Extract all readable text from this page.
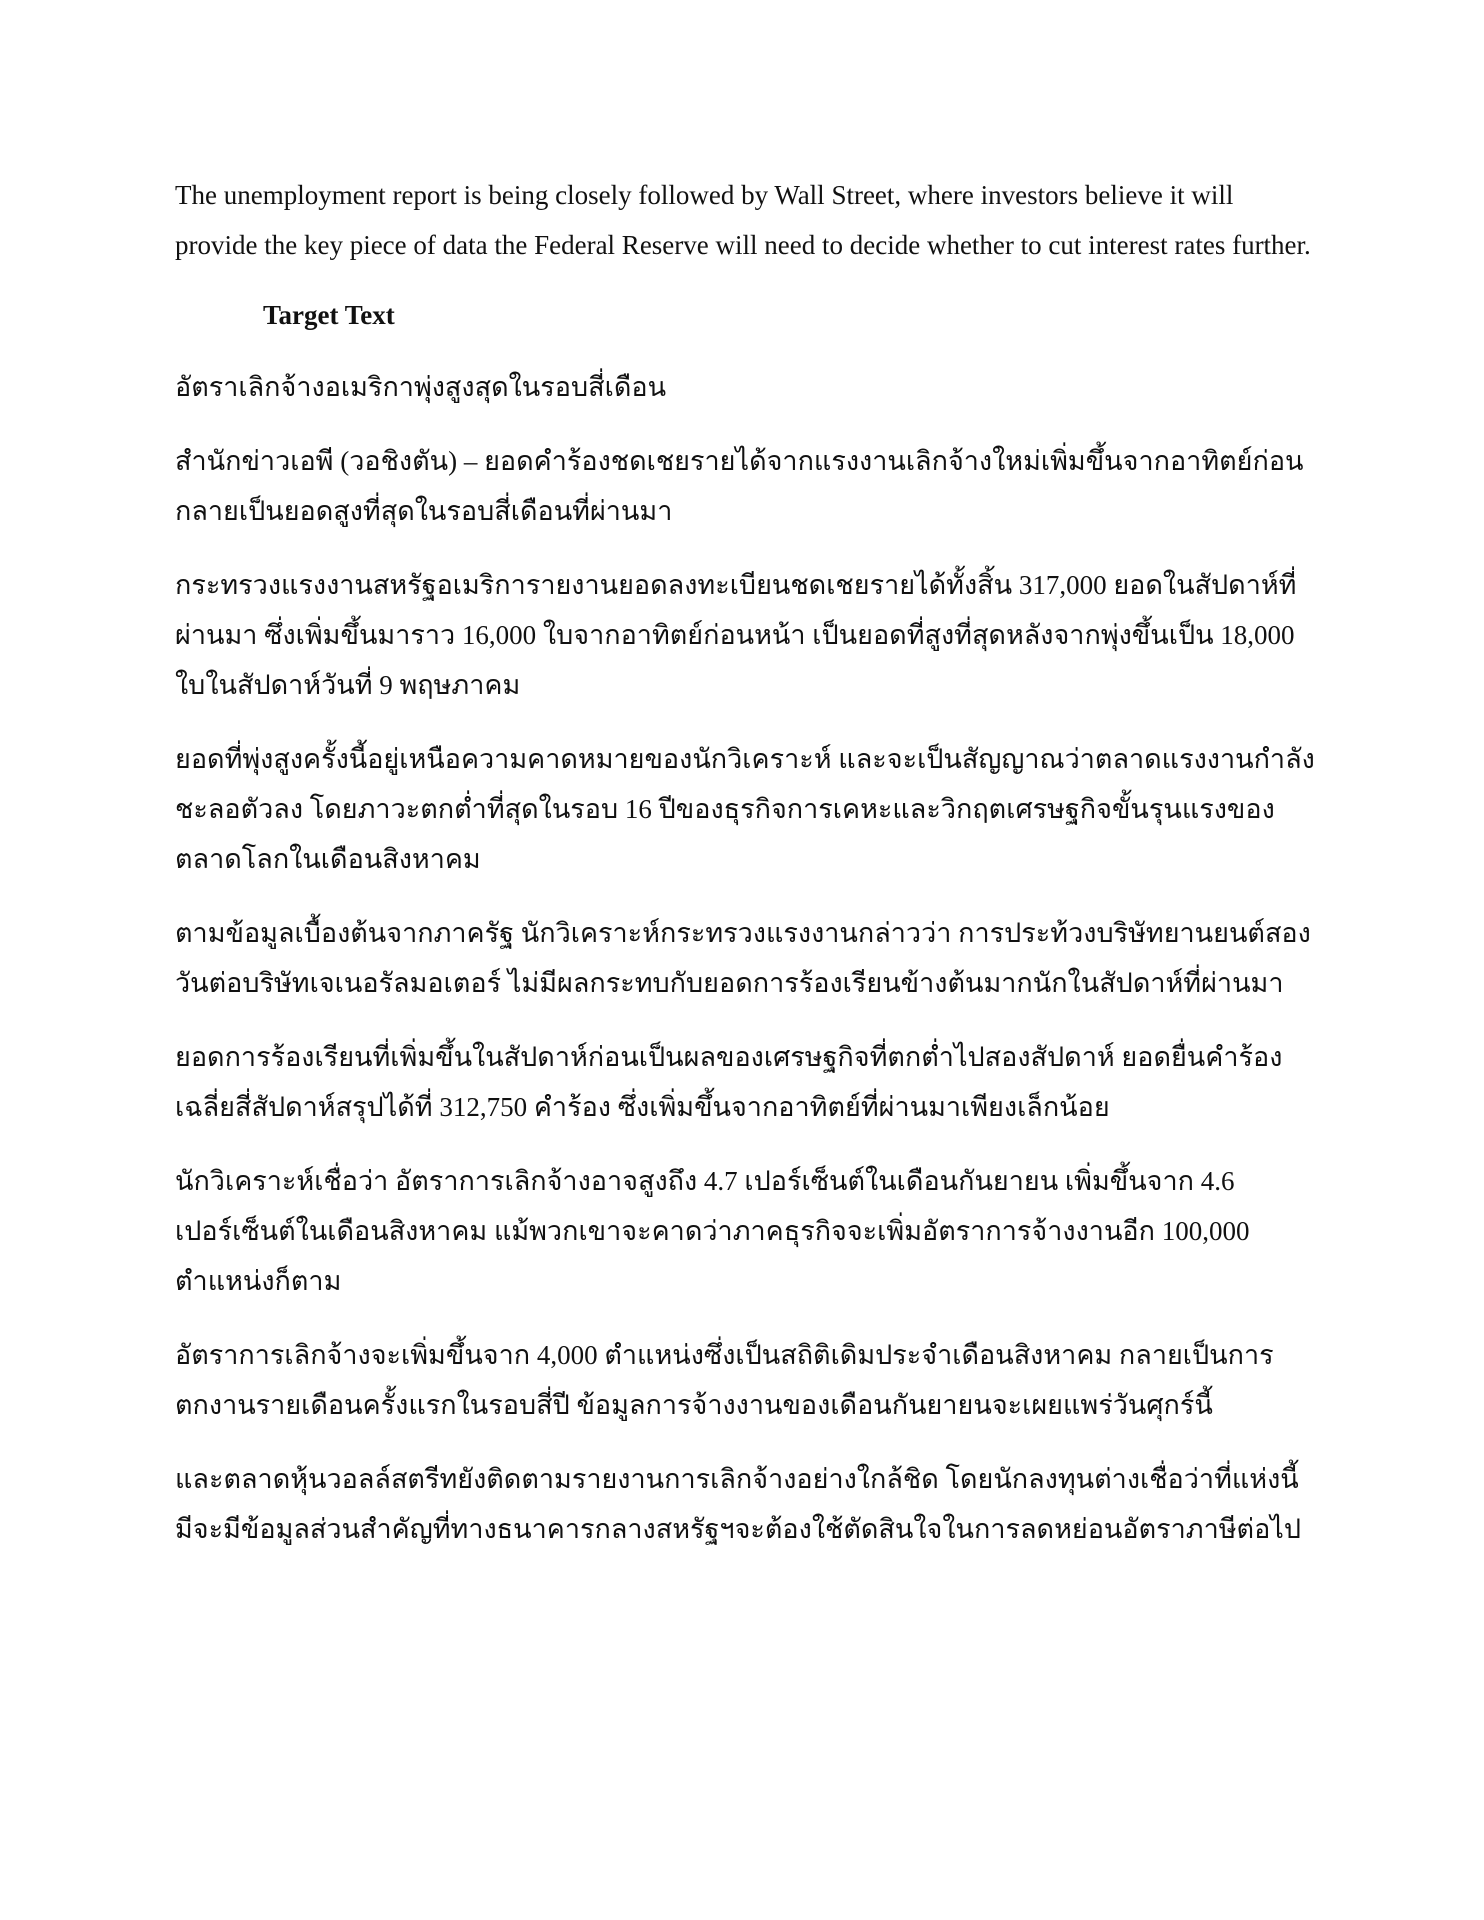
The unemployment report is being closely followed by Wall Street, where investors believe it will provide the key piece of data the Federal Reserve will need to decide whether to cut interest rates further.

Target Text

อัตราเลิกจ้างอเมริกาพุ่งสูงสุดในรอบสี่เดือน

สำนักข่าวเอพี (วอชิงตัน) – ยอดคำร้องชดเชยรายได้จากแรงงานเลิกจ้างใหม่เพิ่มขึ้นจากอาทิตย์ก่อน กลายเป็นยอดสูงที่สุดในรอบสี่เดือนที่ผ่านมา

กระทรวงแรงงานสหรัฐอเมริการายงานยอดลงทะเบียนชดเชยรายได้ทั้งสิ้น 317,000 ยอดในสัปดาห์ที่ผ่านมา ซึ่งเพิ่มขึ้นมาราว 16,000 ใบจากอาทิตย์ก่อนหน้า เป็นยอดที่สูงที่สุดหลังจากพุ่งขึ้นเป็น 18,000 ใบในสัปดาห์วันที่ 9 พฤษภาคม

ยอดที่พุ่งสูงครั้งนี้อยู่เหนือความคาดหมายของนักวิเคราะห์ และจะเป็นสัญญาณว่าตลาดแรงงานกำลังชะลอตัวลง โดยภาวะตกต่ำที่สุดในรอบ 16 ปีของธุรกิจการเคหะและวิกฤตเศรษฐกิจขั้นรุนแรงของตลาดโลกในเดือนสิงหาคม

ตามข้อมูลเบื้องต้นจากภาครัฐ นักวิเคราะห์กระทรวงแรงงานกล่าวว่า การประท้วงบริษัทยานยนต์สองวันต่อบริษัทเจเนอรัลมอเตอร์ ไม่มีผลกระทบกับยอดการร้องเรียนข้างต้นมากนักในสัปดาห์ที่ผ่านมา

ยอดการร้องเรียนที่เพิ่มขึ้นในสัปดาห์ก่อนเป็นผลของเศรษฐกิจที่ตกต่ำไปสองสัปดาห์ ยอดยื่นคำร้องเฉลี่ยสี่สัปดาห์สรุปได้ที่ 312,750 คำร้อง ซึ่งเพิ่มขึ้นจากอาทิตย์ที่ผ่านมาเพียงเล็กน้อย

นักวิเคราะห์เชื่อว่า อัตราการเลิกจ้างอาจสูงถึง 4.7 เปอร์เซ็นต์ในเดือนกันยายน เพิ่มขึ้นจาก 4.6 เปอร์เซ็นต์ในเดือนสิงหาคม แม้พวกเขาจะคาดว่าภาคธุรกิจจะเพิ่มอัตราการจ้างงานอีก 100,000 ตำแหน่งก็ตาม

อัตราการเลิกจ้างจะเพิ่มขึ้นจาก 4,000 ตำแหน่งซึ่งเป็นสถิติเดิมประจำเดือนสิงหาคม กลายเป็นการตกงานรายเดือนครั้งแรกในรอบสี่ปี ข้อมูลการจ้างงานของเดือนกันยายนจะเผยแพร่วันศุกร์นี้

และตลาดหุ้นวอลล์สตรีทยังติดตามรายงานการเลิกจ้างอย่างใกล้ชิด โดยนักลงทุนต่างเชื่อว่าที่แห่งนี้มีจะมีข้อมูลส่วนสำคัญที่ทางธนาคารกลางสหรัฐฯจะต้องใช้ตัดสินใจในการลดหย่อนอัตราภาษีต่อไป
